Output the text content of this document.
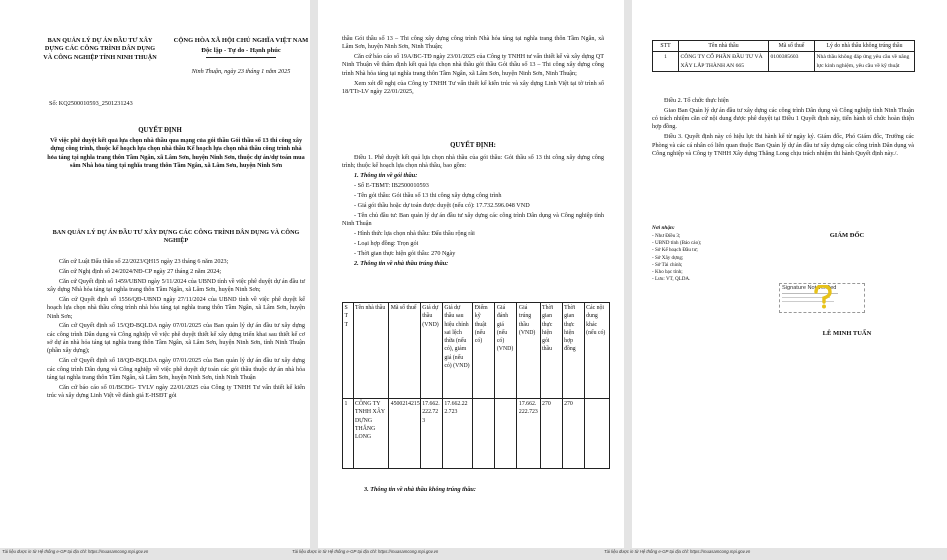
BAN QUẢN LÝ DỰ ÁN ĐẦU TƯ XÂY DỰNG CÁC CÔNG TRÌNH DÂN DỤNG VÀ CÔNG NGHIỆP TỈNH NINH THUẬN
CỘNG HÒA XÃ HỘI CHỦ NGHĨA VIỆT NAM
Độc lập - Tự do - Hạnh phúc
Ninh Thuận, ngày 23 tháng 1 năm 2025
Số: KQ2500010593_2501231243
QUYẾT ĐỊNH
Về việc phê duyệt kết quả lựa chọn nhà thầu qua mạng của gói thầu Gói thầu số 13 thi công xây dựng công trình, thuộc kế hoạch lựa chọn nhà thầu Kế hoạch lựa chọn nhà thầu công trình nhà hỏa táng tại nghĩa trang thôn Tầm Ngân, xã Lâm Sơn, huyện Ninh Sơn, thuộc dự án/dự toán mua sắm Nhà hỏa táng tại nghĩa trang thôn Tầm Ngân, xã Lâm Sơn, huyện Ninh Sơn
BAN QUẢN LÝ DỰ ÁN ĐẦU TƯ XÂY DỰNG CÁC CÔNG TRÌNH DÂN DỤNG VÀ CÔNG NGHIỆP

Căn cứ Luật Đấu thầu số 22/2023/QH15 ngày 23 tháng 6 năm 2023;

Căn cứ Nghị định số 24/2024/NĐ-CP ngày 27 tháng 2 năm 2024;

Căn cứ Quyết định số 1459/UBND ngày 5/11/2024 của UBND tỉnh về việc phê duyệt dự án đầu tư xây dựng Nhà hỏa táng tại nghĩa trang thôn Tầm Ngân, xã Lâm Sơn, huyện Ninh Sơn;

Căn cứ Quyết định số 1556/QĐ-UBND ngày 27/11/2024 của UBND tỉnh về việc phê duyệt kế hoạch lựa chọn nhà thầu công trình nhà hỏa táng tại nghĩa trang thôn Tầm Ngân, xã Lâm Sơn, huyện Ninh Sơn;

Căn cứ Quyết định số 15/QĐ-BQLDA ngày 07/01/2025 của Ban quản lý dự án đầu tư xây dựng các công trình Dân dụng và Công nghiệp về việc phê duyệt thiết kế xây dựng triển khai sau thiết kế cơ sở dự án nhà hỏa táng tại nghĩa trang thôn Tầm Ngân, xã Lâm Sơn, huyện Ninh Sơn, tỉnh Ninh Thuận (phần xây dựng);

Căn cứ Quyết định số 18/QĐ-BQLDA ngày 07/01/2025 của Ban quản lý dự án đầu tư xây dựng các công trình Dân dụng và Công nghiệp về việc phê duyệt dự toán các gói thầu thuộc dự án nhà hỏa táng tại nghĩa trang thôn Tầm Ngân, xã Lâm Sơn, huyện Ninh Sơn, tỉnh Ninh Thuận

Căn cứ báo cáo số 01/BCĐG- TVLV ngày 22/01/2025 của Công ty TNHH Tư vấn thiết kế kiến trúc và xây dựng Linh Việt về đánh giá E-HSĐT gói

Tài liệu được in từ Hệ thống e-GP tại địa chỉ: https://muasamcong.mpi.gov.vn

thầu Gói thầu số 13 – Thi công xây dựng công trình Nhà hỏa táng tại nghĩa trang thôn Tầm Ngân, xã Lâm Sơn, huyện Ninh Sơn, Ninh Thuận;

Căn cứ báo cáo số 19A/BC-TĐ ngày 23/01/2025 của Công ty TNHH tư vấn thiết kế và xây dựng QT Ninh Thuận về thẩm định kết quả lựa chọn nhà thầu gói thầu Gói thầu số 13 – Thi công xây dựng công trình Nhà hỏa táng tại nghĩa trang thôn Tầm Ngân, xã Lâm Sơn, huyện Ninh Sơn, Ninh Thuận;

Xem xét đề nghị của Công ty TNHH Tư vấn thiết kế kiến trúc và xây dựng Linh Việt tại tờ trình số 18/TTr-LV ngày 22/01/2025,

QUYẾT ĐỊNH:

Điều 1. Phê duyệt kết quả lựa chọn nhà thầu của gói thầu: Gói thầu số 13 thi công xây dựng công trình; thuộc kế hoạch lựa chọn nhà thầu, bao gồm:

1. Thông tin về gói thầu:

- Số E-TBMT: IB2500010593

- Tên gói thầu: Gói thầu số 13 thi công xây dựng công trình

- Giá gói thầu hoặc dự toán được duyệt (nếu có): 17.732.596.048 VND

- Tên chủ đầu tư: Ban quản lý dự án đầu tư xây dựng các công trình Dân dụng và Công nghiệp tỉnh Ninh Thuận

- Hình thức lựa chọn nhà thầu: Đấu thầu rộng rãi

- Loại hợp đồng: Trọn gói

- Thời gian thực hiện gói thầu: 270 Ngày

2. Thông tin về nhà thầu trúng thầu:

S T T	Tên nhà thầu	Mã số thuế	Giá dự thầu (VND)	Giá dự thầu sau hiệu chỉnh sai lệch thừa (nếu có), giảm giá (nếu có) (VND)	Điểm kỹ thuật (nếu có)	Giá đánh giá (nếu có) (VND)	Giá trúng thầu (VND)	Thời gian thực hiện gói thầu	Thời gian thực hiện hợp đồng	Các nội dung khác (nếu có)
1	CÔNG TY TNHH XÂY DỰNG THĂNG LONG	4500214215	17.662.222.723	17.662.222.723			17.662.222.723	270	270	
3. Thông tin về nhà thầu không trúng thầu:
Tài liệu được in từ Hệ thống e-GP tại địa chỉ: https://muasamcong.mpi.gov.vn
STT	Tên nhà thầu	Mã số thuế	Lý do nhà thầu không trúng thầu
1	CÔNG TY CỔ PHẦN ĐẦU TƯ VÀ XÂY LẮP THÀNH AN 665	0100385603	Nhà thầu không đáp ứng yêu cầu về năng lực kinh nghiệm, yêu cầu về kỹ thuật

Điều 2. Tổ chức thực hiện

Giao Ban Quản lý dự án đầu tư xây dựng các công trình Dân dụng và Công nghiệp tỉnh Ninh Thuận có trách nhiệm căn cứ nội dung được phê duyệt tại Điều 1 Quyết định này, tiến hành tổ chức hoàn thiện hợp đồng.

Điều 3. Quyết định này có hiệu lực thi hành kể từ ngày ký. Giám đốc, Phó Giám đốc, Trưởng các Phòng và các cá nhân có liên quan thuộc Ban Quản lý dự án đầu tư xây dựng các công trình Dân dụng và Công nghiệp và Công ty TNHH Xây dựng Thăng Long chịu trách nhiệm thi hành Quyết định này./.

Nơi nhận:
- Như Điều 3;
- UBND tỉnh (Báo cáo);
- Sở Kế hoạch Đầu tư;
- Sở Xây dựng;
- Sở Tài chính;
- Kho bạc tỉnh;
- Lưu: VT, QLDA.
GIÁM ĐỐC
Signature Not Verified
LÊ MINH TUẤN
Tài liệu được in từ Hệ thống e-GP tại địa chỉ: https://muasamcong.mpi.gov.vn
